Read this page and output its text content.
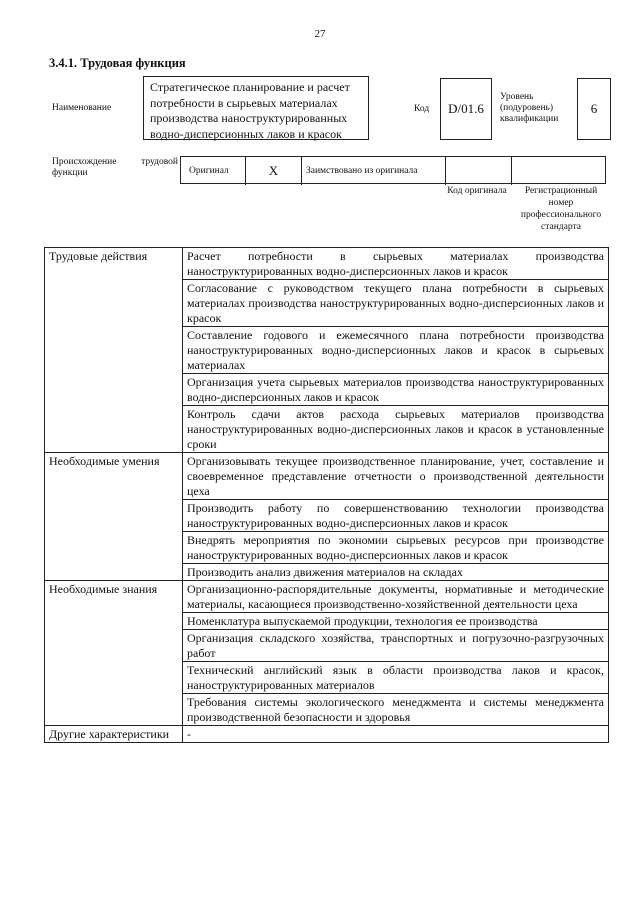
27
3.4.1. Трудовая функция
Наименование
Стратегическое планирование и расчет потребности в сырьевых материалах производства наноструктурированных водно-дисперсионных лаков и красок
Код	D/01.6
Уровень (подуровень) квалификации
6
Происхождение трудовой функции	Оригинал	X	Заимствовано из оригинала
Код оригинала	Регистрационный номер профессионального стандарта
Трудовые действия	Расчет потребности в сырьевых материалах производства наноструктурированных водно-дисперсионных лаков и красок
	Согласование с руководством текущего плана потребности в сырьевых материалах производства наноструктурированных водно-дисперсионных лаков и красок
	Составление годового и ежемесячного плана потребности производства наноструктурированных водно-дисперсионных лаков и красок в сырьевых материалах
	Организация учета сырьевых материалов производства наноструктурированных водно-дисперсионных лаков и красок
	Контроль сдачи актов расхода сырьевых материалов производства наноструктурированных водно-дисперсионных лаков и красок в установленные сроки
Необходимые умения	Организовывать текущее производственное планирование, учет, составление и своевременное представление отчетности о производственной деятельности цеха
	Производить работу по совершенствованию технологии производства наноструктурированных водно-дисперсионных лаков и красок
	Внедрять мероприятия по экономии сырьевых ресурсов при производстве наноструктурированных водно-дисперсионных лаков и красок
	Производить анализ движения материалов на складах
Необходимые знания	Организационно-распорядительные документы, нормативные и методические материалы, касающиеся производственно-хозяйственной деятельности цеха
	Номенклатура выпускаемой продукции, технология ее производства
	Организация складского хозяйства, транспортных и погрузочно-разгрузочных работ
	Технический английский язык в области производства лаков и красок, наноструктурированных материалов
	Требования системы экологического менеджмента и системы менеджмента производственной безопасности и здоровья
Другие характеристики	-
